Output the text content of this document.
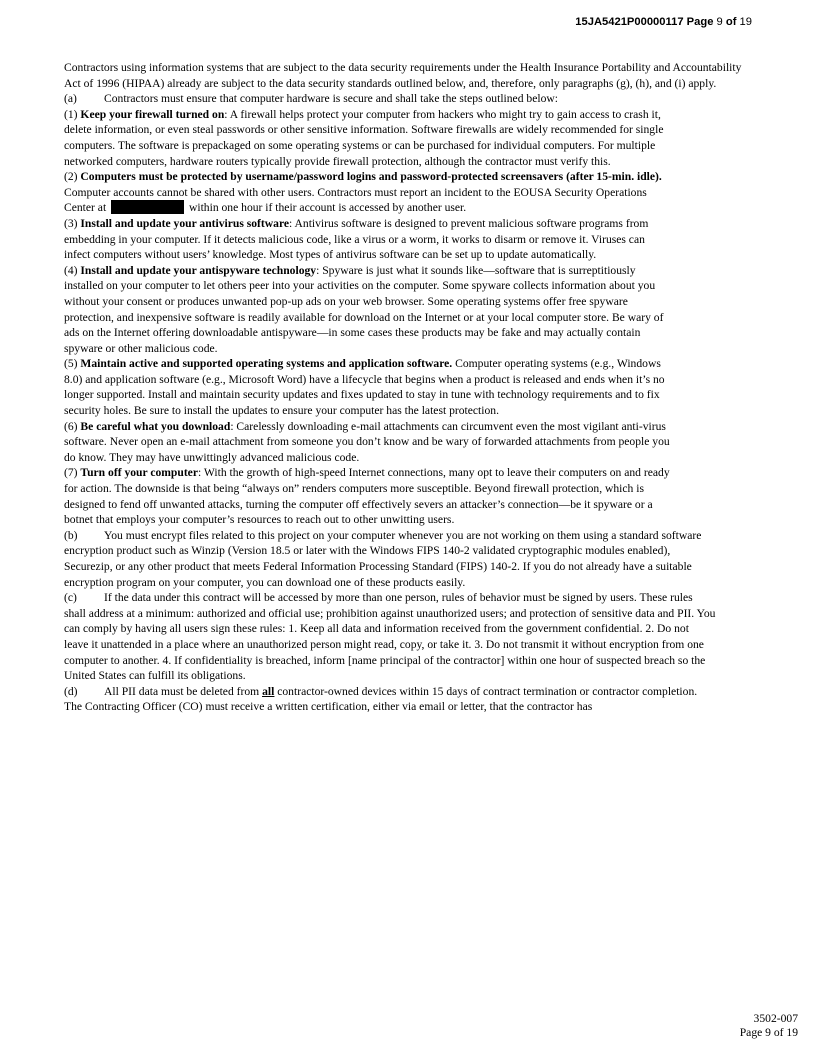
15JA5421P00000117 Page 9 of 19

Contractors using information systems that are subject to the data security requirements under the Health Insurance Portability and Accountability Act of 1996 (HIPAA) already are subject to the data security standards outlined below, and, therefore, only paragraphs (g), (h), and (i) apply.

(a) Contractors must ensure that computer hardware is secure and shall take the steps outlined below:

(1) Keep your firewall turned on: A firewall helps protect your computer from hackers who might try to gain access to crash it, delete information, or even steal passwords or other sensitive information. Software firewalls are widely recommended for single computers. The software is prepackaged on some operating systems or can be purchased for individual computers. For multiple networked computers, hardware routers typically provide firewall protection, although the contractor must verify this.

(2) Computers must be protected by username/password logins and password-protected screensavers (after 15-min. idle). Computer accounts cannot be shared with other users. Contractors must report an incident to the EOUSA Security Operations Center at	within one hour if their account is accessed by another user.

(3) Install and update your antivirus software: Antivirus software is designed to prevent malicious software programs from embedding in your computer. If it detects malicious code, like a virus or a worm, it works to disarm or remove it. Viruses can infect computers without users’ knowledge. Most types of antivirus software can be set up to update automatically.

(4) Install and update your antispyware technology: Spyware is just what it sounds like—software that is surreptitiously installed on your computer to let others peer into your activities on the computer. Some spyware collects information about you without your consent or produces unwanted pop-up ads on your web browser. Some operating systems offer free spyware protection, and inexpensive software is readily available for download on the Internet or at your local computer store. Be wary of ads on the Internet offering downloadable antispyware—in some cases these products may be fake and may actually contain spyware or other malicious code.

(5) Maintain active and supported operating systems and application software. Computer operating systems (e.g., Windows 8.0) and application software (e.g., Microsoft Word) have a lifecycle that begins when a product is released and ends when it’s no longer supported. Install and maintain security updates and fixes updated to stay in tune with technology requirements and to fix security holes. Be sure to install the updates to ensure your computer has the latest protection.

(6) Be careful what you download: Carelessly downloading e-mail attachments can circumvent even the most vigilant anti-virus software. Never open an e-mail attachment from someone you don’t know and be wary of forwarded attachments from people you do know. They may have unwittingly advanced malicious code.

(7) Turn off your computer: With the growth of high-speed Internet connections, many opt to leave their computers on and ready for action. The downside is that being “always on” renders computers more susceptible. Beyond firewall protection, which is designed to fend off unwanted attacks, turning the computer off effectively severs an attacker’s connection—be it spyware or a botnet that employs your computer’s resources to reach out to other unwitting users.

(b) You must encrypt files related to this project on your computer whenever you are not working on them using a standard software encryption product such as Winzip (Version 18.5 or later with the Windows FIPS 140-2 validated cryptographic modules enabled), Securezip, or any other product that meets Federal Information Processing Standard (FIPS) 140-2. If you do not already have a suitable encryption program on your computer, you can download one of these products easily.

(c) If the data under this contract will be accessed by more than one person, rules of behavior must be signed by users. These rules shall address at a minimum: authorized and official use; prohibition against unauthorized users; and protection of sensitive data and PII. You can comply by having all users sign these rules: 1. Keep all data and information received from the government confidential. 2. Do not leave it unattended in a place where an unauthorized person might read, copy, or take it. 3. Do not transmit it without encryption from one computer to another. 4. If confidentiality is breached, inform [name principal of the contractor] within one hour of suspected breach so the United States can fulfill its obligations.

(d) All PII data must be deleted from all contractor-owned devices within 15 days of contract termination or contractor completion. The Contracting Officer (CO) must receive a written certification, either via email or letter, that the contractor has

3502-007
Page 9 of 19
